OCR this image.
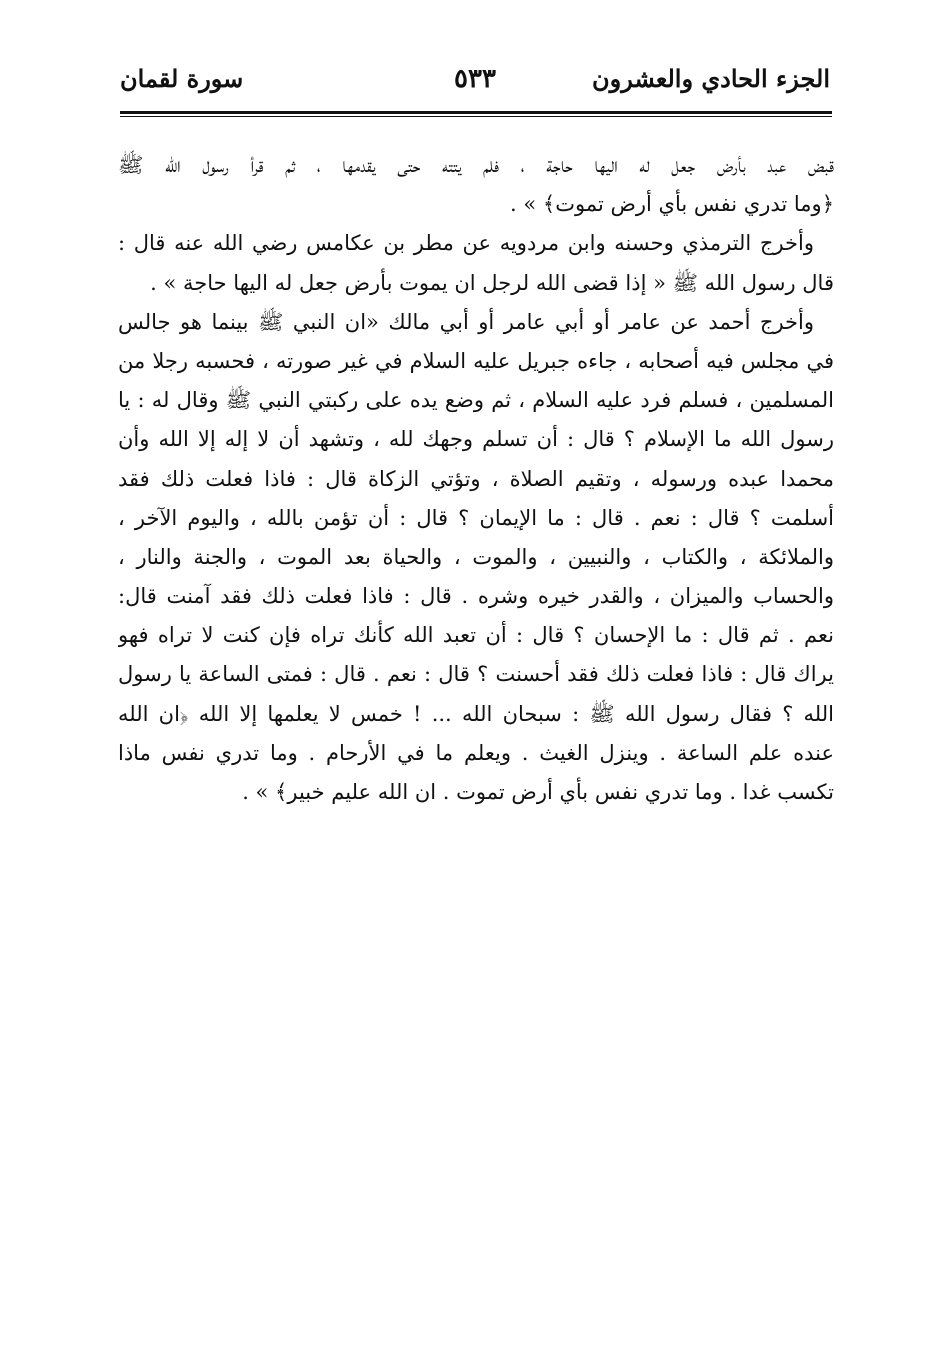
الجزء الحادي والعشرون
٥٣٣
سورة لقمان
قبض عبد بأرض جعل له اليها حاجة ، فلم يتته حتى يقدمها ، ثم قرأ رسول الله ﷺ
﴿وما تدري نفس بأي أرض تموت﴾ » .
وأخرج الترمذي وحسنه وابن مردويه عن مطر بن عكامس رضي الله عنه قال :
قال رسول الله ﷺ « إذا قضى الله لرجل ان يموت بأرض جعل له اليها حاجة » .
وأخرج أحمد عن عامر أو أبي عامر أو أبي مالك «ان النبي ﷺ بينما هو جالس
في مجلس فيه أصحابه ، جاءه جبريل عليه السلام في غير صورته ، فحسبه رجلا من
المسلمين ، فسلم فرد عليه السلام ، ثم وضع يده على ركبتي النبي ﷺ وقال له : يا
رسول الله ما الإسلام ؟ قال : أن تسلم وجهك لله ، وتشهد أن لا إله إلا الله وأن
محمدا عبده ورسوله ، وتقيم الصلاة ، وتؤتي الزكاة قال : فاذا فعلت ذلك فقد
أسلمت ؟ قال : نعم . قال : ما الإيمان ؟ قال : أن تؤمن بالله ، واليوم الآخر ،
والملائكة ، والكتاب ، والنبيين ، والموت ، والحياة بعد الموت ، والجنة والنار ،
والحساب والميزان ، والقدر خيره وشره . قال : فاذا فعلت ذلك فقد آمنت قال:
نعم . ثم قال : ما الإحسان ؟ قال : أن تعبد الله كأنك تراه فإن كنت لا تراه فهو
يراك قال : فاذا فعلت ذلك فقد أحسنت ؟ قال : نعم . قال : فمتى الساعة يا رسول
الله ؟ فقال رسول الله ﷺ : سبحان الله ... ! خمس لا يعلمها إلا الله ﴿ان الله
عنده علم الساعة . وينزل الغيث . ويعلم ما في الأرحام . وما تدري نفس ماذا
تكسب غدا . وما تدري نفس بأي أرض تموت . ان الله عليم خبير﴾ » .
